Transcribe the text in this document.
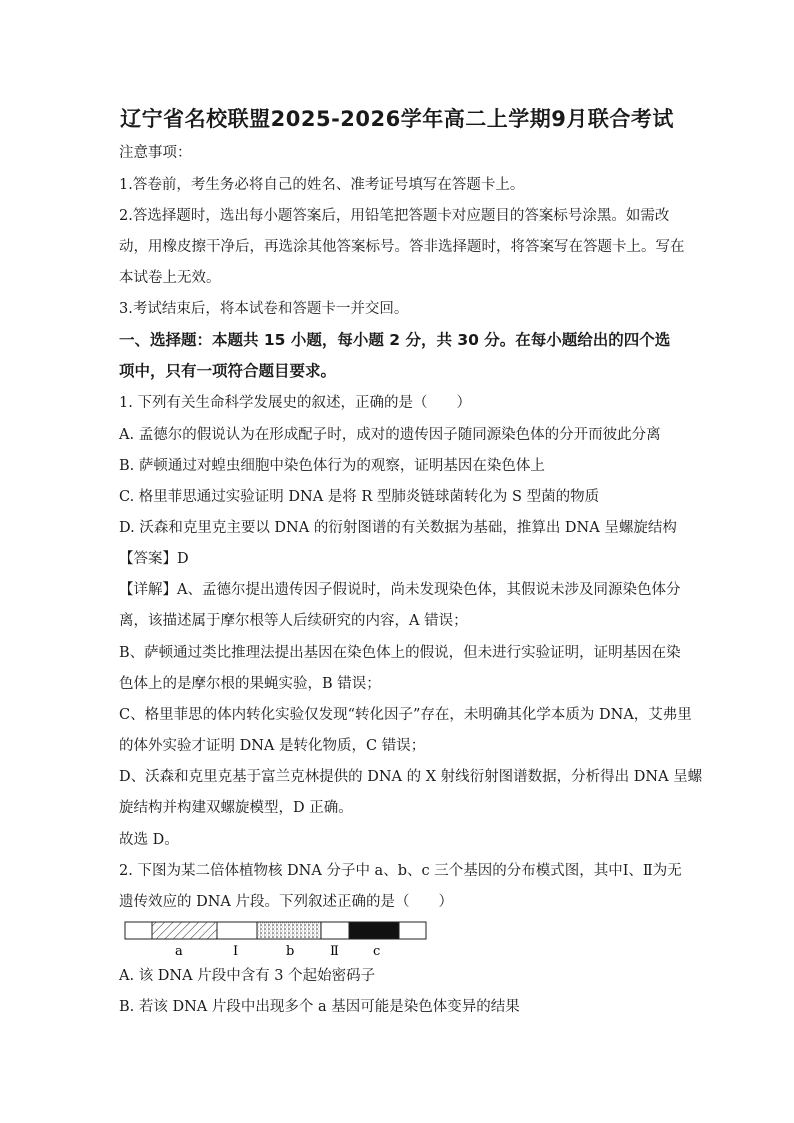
辽宁省名校联盟2025-2026学年高二上学期9月联合考试
注意事项：
1.答卷前，考生务必将自己的姓名、准考证号填写在答题卡上。
2.答选择题时，选出每小题答案后，用铅笔把答题卡对应题目的答案标号涂黑。如需改
动，用橡皮擦干净后，再选涂其他答案标号。答非选择题时，将答案写在答题卡上。写在
本试卷上无效。
3.考试结束后，将本试卷和答题卡一并交回。
一、选择题：本题共 15 小题，每小题 2 分，共 30 分。在每小题给出的四个选
项中，只有一项符合题目要求。
1. 下列有关生命科学发展史的叙述，正确的是（　　）
A. 孟德尔的假说认为在形成配子时，成对的遗传因子随同源染色体的分开而彼此分离
B. 萨顿通过对蝗虫细胞中染色体行为的观察，证明基因在染色体上
C. 格里菲思通过实验证明 DNA 是将 R 型肺炎链球菌转化为 S 型菌的物质
D. 沃森和克里克主要以 DNA 的衍射图谱的有关数据为基础，推算出 DNA 呈螺旋结构
【答案】D
【详解】A、孟德尔提出遗传因子假说时，尚未发现染色体，其假说未涉及同源染色体分
离，该描述属于摩尔根等人后续研究的内容，A 错误；
B、萨顿通过类比推理法提出基因在染色体上的假说，但未进行实验证明，证明基因在染
色体上的是摩尔根的果蝇实验，B 错误；
C、格里菲思的体内转化实验仅发现“转化因子”存在，未明确其化学本质为 DNA，艾弗里
的体外实验才证明 DNA 是转化物质，C 错误；
D、沃森和克里克基于富兰克林提供的 DNA 的 X 射线衍射图谱数据，分析得出 DNA 呈螺
旋结构并构建双螺旋模型，D 正确。
故选 D。
2. 下图为某二倍体植物核 DNA 分子中 a、b、c 三个基因的分布模式图，其中Ⅰ、Ⅱ为无
遗传效应的 DNA 片段。下列叙述正确的是（　　）
a	Ⅰ	b	Ⅱ	c
A. 该 DNA 片段中含有 3 个起始密码子
B. 若该 DNA 片段中出现多个 a 基因可能是染色体变异的结果
